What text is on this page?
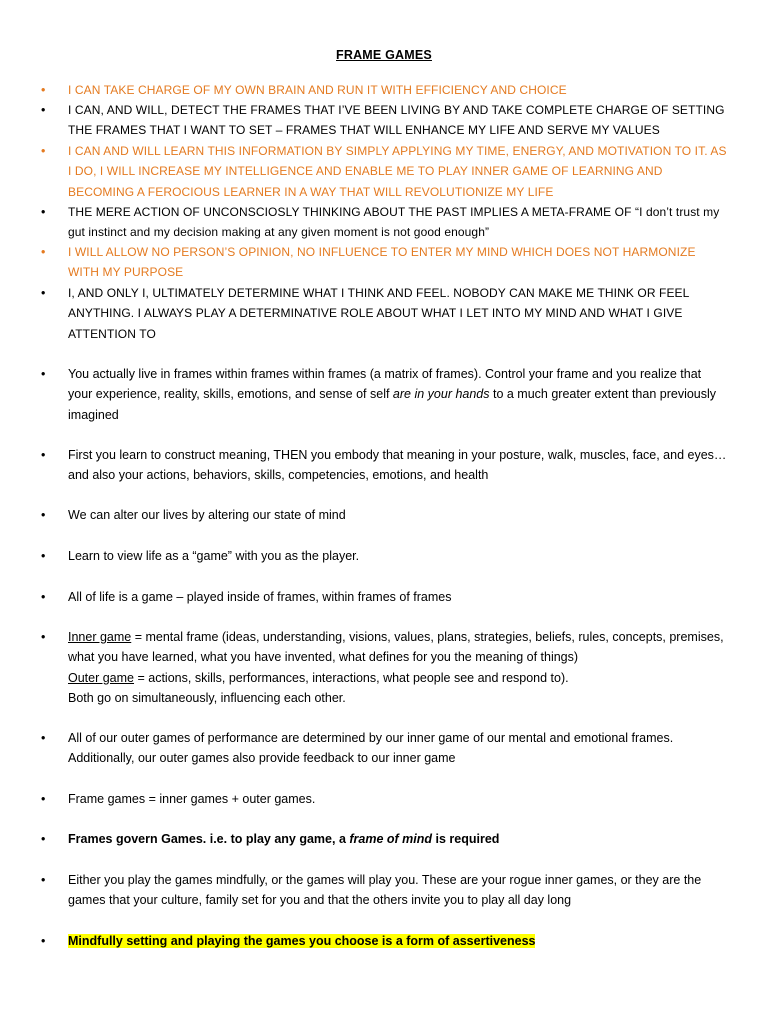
FRAME GAMES
• I CAN TAKE CHARGE OF MY OWN BRAIN AND RUN IT WITH EFFICIENCY AND CHOICE
• I CAN, AND WILL, DETECT THE FRAMES THAT I’VE BEEN LIVING BY AND TAKE COMPLETE CHARGE OF SETTING THE FRAMES THAT I WANT TO SET – FRAMES THAT WILL ENHANCE MY LIFE AND SERVE MY VALUES
• I CAN AND WILL LEARN THIS INFORMATION BY SIMPLY APPLYING MY TIME, ENERGY, AND MOTIVATION TO IT. AS I DO, I WILL INCREASE MY INTELLIGENCE AND ENABLE ME TO PLAY INNER GAME OF LEARNING AND BECOMING A FEROCIOUS LEARNER IN A WAY THAT WILL REVOLUTIONIZE MY LIFE
• THE MERE ACTION OF UNCONSCIOSLY THINKING ABOUT THE PAST IMPLIES A META-FRAME OF “I don’t trust my gut instinct and my decision making at any given moment is not good enough”
• I WILL ALLOW NO PERSON’S OPINION, NO INFLUENCE TO ENTER MY MIND WHICH DOES NOT HARMONIZE WITH MY PURPOSE
• I, AND ONLY I, ULTIMATELY DETERMINE WHAT I THINK AND FEEL. NOBODY CAN MAKE ME THINK OR FEEL ANYTHING. I ALWAYS PLAY A DETERMINATIVE ROLE ABOUT WHAT I LET INTO MY MIND AND WHAT I GIVE ATTENTION TO
• You actually live in frames within frames within frames (a matrix of frames). Control your frame and you realize that your experience, reality, skills, emotions, and sense of self are in your hands to a much greater extent than previously imagined
• First you learn to construct meaning, THEN you embody that meaning in your posture, walk, muscles, face, and eyes…and also your actions, behaviors, skills, competencies, emotions, and health
• We can alter our lives by altering our state of mind
• Learn to view life as a “game” with you as the player.
• All of life is a game – played inside of frames, within frames of frames
• Inner game = mental frame (ideas, understanding, visions, values, plans, strategies, beliefs, rules, concepts, premises, what you have learned, what you have invented, what defines for you the meaning of things)
Outer game = actions, skills, performances, interactions, what people see and respond to).
Both go on simultaneously, influencing each other.
• All of our outer games of performance are determined by our inner game of our mental and emotional frames. Additionally, our outer games also provide feedback to our inner game
• Frame games = inner games + outer games.
• Frames govern Games. i.e. to play any game, a frame of mind is required
• Either you play the games mindfully, or the games will play you. These are your rogue inner games, or they are the games that your culture, family set for you and that the others invite you to play all day long
• Mindfully setting and playing the games you choose is a form of assertiveness
